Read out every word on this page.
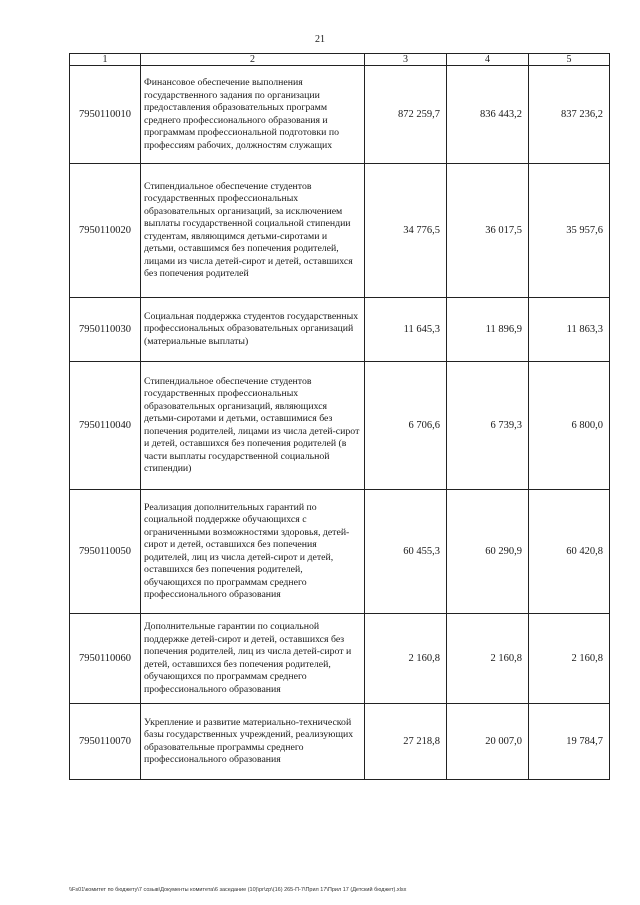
21
1	2	3	4	5
7950110010	Финансовое обеспечение выполнения государственного задания по организации предоставления образовательных программ среднего профессионального образования и программам профессиональной подготовки по профессиям рабочих, должностям служащих	872 259,7	836 443,2	837 236,2
7950110020	Стипендиальное обеспечение студентов государственных профессиональных образовательных организаций, за исключением выплаты государственной социальной стипендии студентам, являющимся детьми-сиротами и детьми, оставшимся без попечения родителей, лицами из числа детей-сирот и детей, оставшихся без попечения родителей	34 776,5	36 017,5	35 957,6
7950110030	Социальная поддержка студентов государственных профессиональных образовательных организаций (материальные выплаты)	11 645,3	11 896,9	11 863,3
7950110040	Стипендиальное обеспечение студентов государственных профессиональных образовательных организаций, являющихся детьми-сиротами и детьми, оставшимися без попечения родителей, лицами из числа детей-сирот и детей, оставшихся без попечения родителей (в части выплаты государственной социальной стипендии)	6 706,6	6 739,3	6 800,0
7950110050	Реализация дополнительных гарантий по социальной поддержке обучающихся с ограниченными возможностями здоровья, детей-сирот и детей, оставшихся без попечения родителей, лиц из числа детей-сирот и детей, оставшихся без попечения родителей, обучающихся по программам среднего профессионального образования	60 455,3	60 290,9	60 420,8
7950110060	Дополнительные гарантии по социальной поддержке детей-сирот и детей, оставшихся без попечения родителей, лиц из числа детей-сирот и детей, оставшихся без попечения родителей, обучающихся по программам среднего профессионального образования	2 160,8	2 160,8	2 160,8
7950110070	Укрепление и развитие материально-технической базы государственных учреждений, реализующих образовательные программы среднего профессионального образования	27 218,8	20 007,0	19 784,7
\\Fs01\комитет по бюджету\7 созыв\Документы комитета\6 заседание (10)\pr\zp\(16) 265-П-7\Прил 17\Прил 17 (Детский бюджет).xlsx
